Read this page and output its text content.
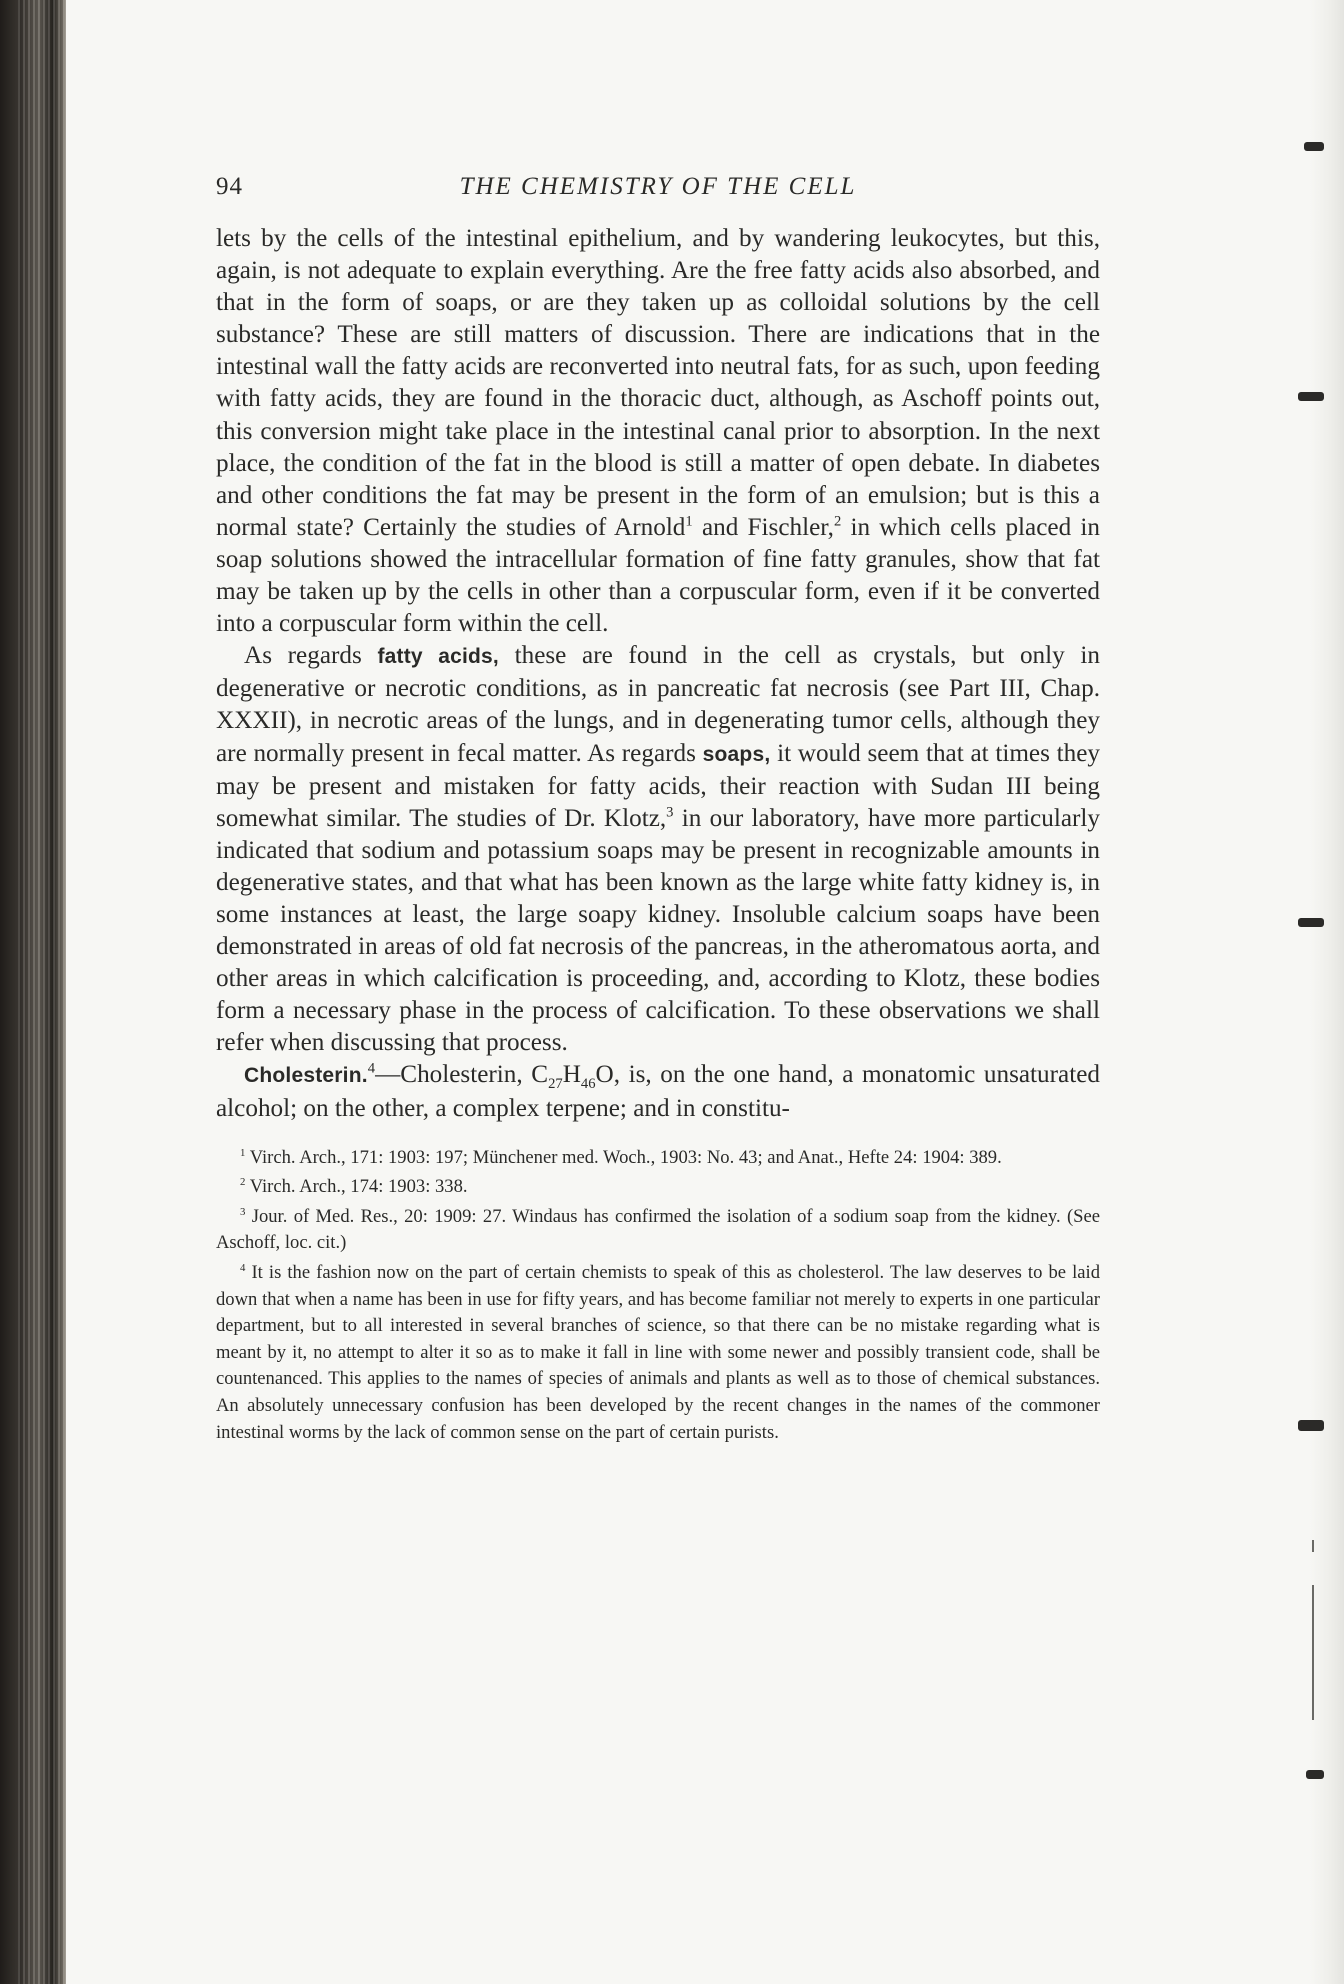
94	THE CHEMISTRY OF THE CELL

lets by the cells of the intestinal epithelium, and by wandering leukocytes, but this, again, is not adequate to explain everything. Are the free fatty acids also absorbed, and that in the form of soaps, or are they taken up as colloidal solutions by the cell substance? These are still matters of discussion. There are indications that in the intestinal wall the fatty acids are reconverted into neutral fats, for as such, upon feeding with fatty acids, they are found in the thoracic duct, although, as Aschoff points out, this conversion might take place in the intestinal canal prior to absorption. In the next place, the condition of the fat in the blood is still a matter of open debate. In diabetes and other conditions the fat may be present in the form of an emulsion; but is this a normal state? Certainly the studies of Arnold$^1$ and Fischler,$^2$ in which cells placed in soap solutions showed the intracellular formation of fine fatty granules, show that fat may be taken up by the cells in other than a corpuscular form, even if it be converted into a corpuscular form within the cell.

As regards fatty acids, these are found in the cell as crystals, but only in degenerative or necrotic conditions, as in pancreatic fat necrosis (see Part III, Chap. XXXII), in necrotic areas of the lungs, and in degenerating tumor cells, although they are normally present in fecal matter. As regards soaps, it would seem that at times they may be present and mistaken for fatty acids, their reaction with Sudan III being somewhat similar. The studies of Dr. Klotz,$^3$ in our laboratory, have more particularly indicated that sodium and potassium soaps may be present in recognizable amounts in degenerative states, and that what has been known as the large white fatty kidney is, in some instances at least, the large soapy kidney. Insoluble calcium soaps have been demonstrated in areas of old fat necrosis of the pancreas, in the atheromatous aorta, and other areas in which calcification is proceeding, and, according to Klotz, these bodies form a necessary phase in the process of calcification. To these observations we shall refer when discussing that process.

Cholesterin.$^4$—Cholesterin, $C_{27}H_{46}O$, is, on the one hand, a monatomic unsaturated alcohol; on the other, a complex terpene; and in constitu-

$^1$ Virch. Arch., 171: 1903: 197; Münchener med. Woch., 1903: No. 43; and Anat., Hefte 24: 1904: 389.

$^2$ Virch. Arch., 174: 1903: 338.

$^3$ Jour. of Med. Res., 20: 1909: 27. Windaus has confirmed the isolation of a sodium soap from the kidney. (See Aschoff, loc. cit.)

$^4$ It is the fashion now on the part of certain chemists to speak of this as cholesterol. The law deserves to be laid down that when a name has been in use for fifty years, and has become familiar not merely to experts in one particular department, but to all interested in several branches of science, so that there can be no mistake regarding what is meant by it, no attempt to alter it so as to make it fall in line with some newer and possibly transient code, shall be countenanced. This applies to the names of species of animals and plants as well as to those of chemical substances. An absolutely unnecessary confusion has been developed by the recent changes in the names of the commoner intestinal worms by the lack of common sense on the part of certain purists.
